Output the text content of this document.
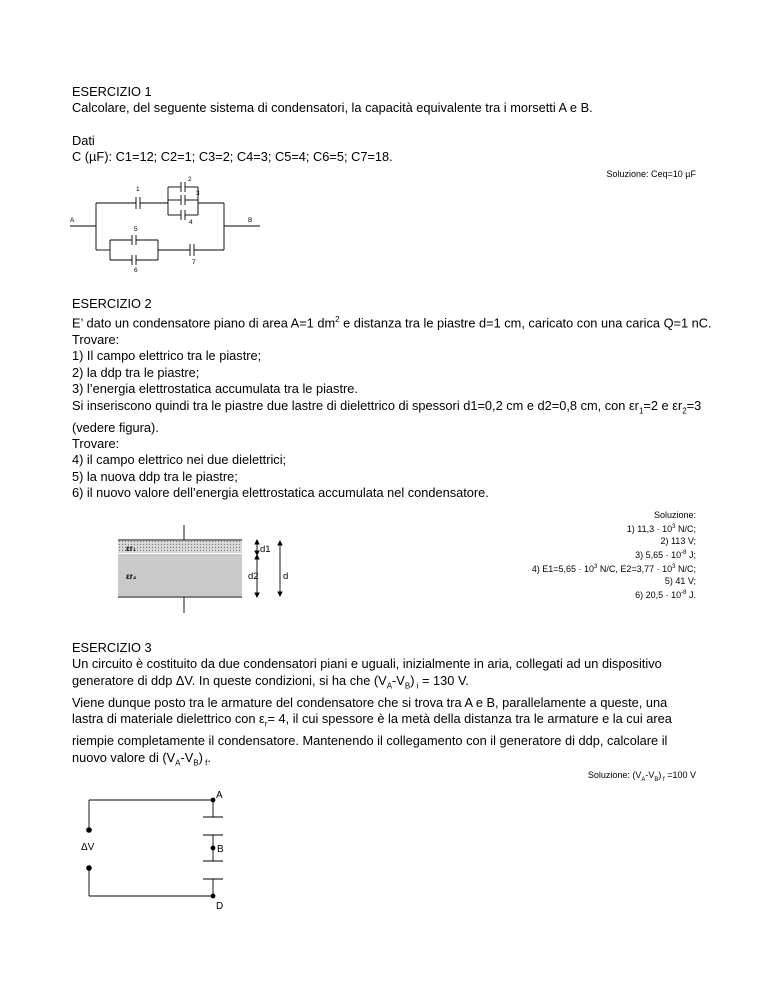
ESERCIZIO 1

Calcolare, del seguente sistema di condensatori, la capacità equivalente tra i morsetti A e B.

Dati

C (µF): C1=12; C2=1; C3=2; C4=3; C5=4; C6=5; C7=18.

Soluzione: Ceq=10 µF
1
2
3
4
5
6
7
A	B

ESERCIZIO 2

E’ dato un condensatore piano di area A=1 $dm^2$ e distanza tra le piastre d=1 cm, caricato con una carica Q=1 nC.

Trovare:

1) Il campo elettrico tra le piastre;

2) la ddp tra le piastre;

3) l’energia elettrostatica accumulata tra le piastre.

Si inseriscono quindi tra le piastre due lastre di dielettrico di spessori d1=0,2 cm e d2=0,8 cm, con $\varepsilon r_1=2$ e $\varepsilon r_2=3$ (vedere figura).

Trovare:

4) il campo elettrico nei due dielettrici;

5) la nuova ddp tra le piastre;

6) il nuovo valore dell’energia elettrostatica accumulata nel condensatore.

Soluzione:
1) $11,3 \cdot 10^3$ N/C;
2) 113 V;
3) $5,65 \cdot 10^{-8}$ J;
4) $E1=5,65 \cdot 10^3$ N/C, $E2=3,77 \cdot 10^3$ N/C;
5) 41 V;
6) $20,5 \cdot 10^{-8}$ J.
εr₁
εr₂
d1
d2	d

ESERCIZIO 3

Un circuito è costituito da due condensatori piani e uguali, inizialmente in aria, collegati ad un dispositivo

generatore di ddp ΔV. In queste condizioni, si ha che $(V_A-V_B) _i = 130$ V.

Viene dunque posto tra le armature del condensatore che si trova tra A e B, parallelamente a queste, una

lastra di materiale dielettrico con $\varepsilon_r= 4$, il cui spessore è la metà della distanza tra le armature e la cui area

riempie completamente il condensatore. Mantenendo il collegamento con il generatore di ddp, calcolare il

nuovo valore di $(V_A-V_B)$ $_f$.

Soluzione: $(V_A-V_B)$ $_f$ =100 V
A
B
D
ΔV
